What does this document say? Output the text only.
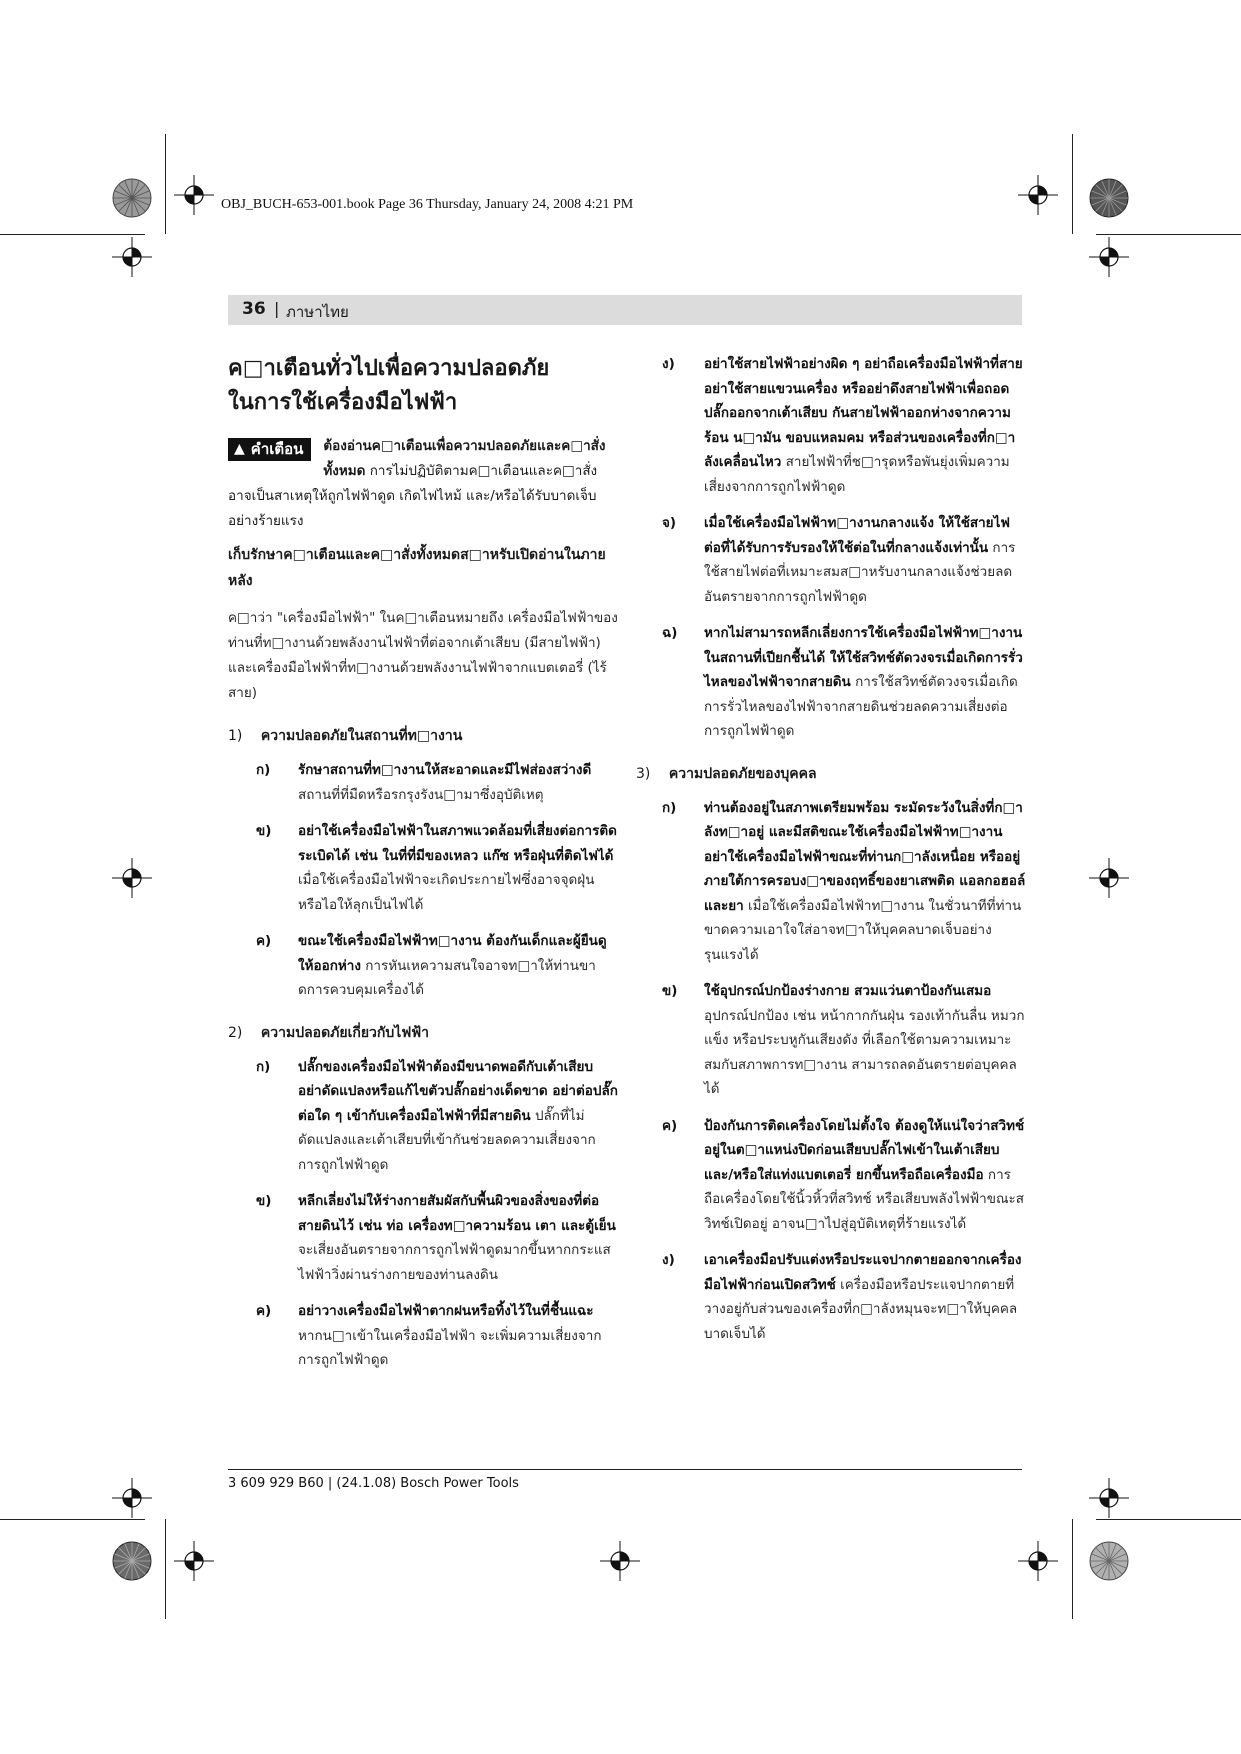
OBJ_BUCH-653-001.book Page 36 Thursday, January 24, 2008 4:21 PM
36 | ภาษาไทย
ค□าเตือนทั่วไปเพื่อความปลอดภัย
ในการใช้เครื่องมือไฟฟ้า
▲ คำเตือน ต้องอ่านค□าเตือนเพื่อความปลอดภัยและค□าสั่งทั้งหมด การไม่ปฏิบัติตามค□าเตือนและค□าสั่งอาจเป็นสาเหตุให้ถูกไฟฟ้าดูด เกิดไฟไหม้ และ/หรือได้รับบาดเจ็บอย่างร้ายแรง
เก็บรักษาค□าเตือนและค□าสั่งทั้งหมดส□าหรับเปิดอ่านในภายหลัง
ค□าว่า "เครื่องมือไฟฟ้า" ในค□าเตือนหมายถึง เครื่องมือไฟฟ้าของท่านที่ท□างานด้วยพลังงานไฟฟ้าที่ต่อจากเต้าเสียบ (มีสายไฟฟ้า) และเครื่องมือไฟฟ้าที่ท□างานด้วยพลังงานไฟฟ้าจากแบตเตอรี่ (ไร้สาย)
1) ความปลอดภัยในสถานที่ท□างาน
ก) รักษาสถานที่ท□างานให้สะอาดและมีไฟส่องสว่างดี สถานที่ที่มืดหรือรกรุงรังน□ามาซึ่งอุบัติเหตุ
ข) อย่าใช้เครื่องมือไฟฟ้าในสภาพแวดล้อมที่เสี่ยงต่อการติดระเบิดได้ เช่น ในที่ที่มีของเหลว แก๊ซ หรือฝุ่นที่ติดไฟได้ เมื่อใช้เครื่องมือไฟฟ้าจะเกิดประกายไฟซึ่งอาจจุดฝุ่นหรือไอให้ลุกเป็นไฟได้
ค) ขณะใช้เครื่องมือไฟฟ้าท□างาน ต้องกันเด็กและผู้ยืนดูให้ออกห่าง การหันเหความสนใจอาจท□าให้ท่านขาดการควบคุมเครื่องได้
2) ความปลอดภัยเกี่ยวกับไฟฟ้า
ก) ปลั๊กของเครื่องมือไฟฟ้าต้องมีขนาดพอดีกับเต้าเสียบ อย่าดัดแปลงหรือแก้ไขตัวปลั๊กอย่างเด็ดขาด อย่าต่อปลั๊กต่อใด ๆ เข้ากับเครื่องมือไฟฟ้าที่มีสายดิน ปลั๊กที่ไม่ดัดแปลงและเต้าเสียบที่เข้ากันช่วยลดความเสี่ยงจากการถูกไฟฟ้าดูด
ข) หลีกเลี่ยงไม่ให้ร่างกายสัมผัสกับพื้นผิวของสิ่งของที่ต่อสายดินไว้ เช่น ท่อ เครื่องท□าความร้อน เตา และตู้เย็น จะเสี่ยงอันตรายจากการถูกไฟฟ้าดูดมากขึ้นหากกระแสไฟฟ้าวิ่งผ่านร่างกายของท่านลงดิน
ค) อย่าวางเครื่องมือไฟฟ้าตากฝนหรือทิ้งไว้ในที่ชื้นแฉะ หากน□าเข้าในเครื่องมือไฟฟ้า จะเพิ่มความเสี่ยงจากการถูกไฟฟ้าดูด
ง) อย่าใช้สายไฟฟ้าอย่างผิด ๆ อย่าถือเครื่องมือไฟฟ้าที่สาย อย่าใช้สายแขวนเครื่อง หรืออย่าดึงสายไฟฟ้าเพื่อถอดปลั๊กออกจากเต้าเสียบ กันสายไฟฟ้าออกห่างจากความร้อน น□ามัน ขอบแหลมคม หรือส่วนของเครื่องที่ก□าลังเคลื่อนไหว สายไฟฟ้าที่ช□ารุดหรือพันยุ่งเพิ่มความเสี่ยงจากการถูกไฟฟ้าดูด
จ) เมื่อใช้เครื่องมือไฟฟ้าท□างานกลางแจ้ง ให้ใช้สายไฟต่อที่ได้รับการรับรองให้ใช้ต่อในที่กลางแจ้งเท่านั้น การใช้สายไฟต่อที่เหมาะสมส□าหรับงานกลางแจ้งช่วยลดอันตรายจากการถูกไฟฟ้าดูด
ฉ) หากไม่สามารถหลีกเลี่ยงการใช้เครื่องมือไฟฟ้าท□างานในสถานที่เปียกชื้นได้ ให้ใช้สวิทช์ตัดวงจรเมื่อเกิดการรั่วไหลของไฟฟ้าจากสายดิน การใช้สวิทช์ตัดวงจรเมื่อเกิดการรั่วไหลของไฟฟ้าจากสายดินช่วยลดความเสี่ยงต่อการถูกไฟฟ้าดูด
3) ความปลอดภัยของบุคคล
ก) ท่านต้องอยู่ในสภาพเตรียมพร้อม ระมัดระวังในสิ่งที่ก□าลังท□าอยู่ และมีสติขณะใช้เครื่องมือไฟฟ้าท□างาน อย่าใช้เครื่องมือไฟฟ้าขณะที่ท่านก□าลังเหนื่อย หรืออยู่ ภายใต้การครอบง□าของฤทธิ์ของยาเสพติด แอลกอฮอล์ และยา เมื่อใช้เครื่องมือไฟฟ้าท□างาน ในชั่วนาทีที่ท่านขาดความเอาใจใส่อาจท□าให้บุคคลบาดเจ็บอย่างรุนแรงได้
ข) ใช้อุปกรณ์ปกป้องร่างกาย สวมแว่นตาป้องกันเสมอ อุปกรณ์ปกป้อง เช่น หน้ากากกันฝุ่น รองเท้ากันลื่น หมวกแข็ง หรือประบหูกันเสียงดัง ที่เลือกใช้ตามความเหมาะสมกับสภาพการท□างาน สามารถลดอันตรายต่อบุคคลได้
ค) ป้องกันการติดเครื่องโดยไม่ตั้งใจ ต้องดูให้แน่ใจว่าสวิทช์อยู่ในต□าแหน่งปิดก่อนเสียบปลั๊กไฟเข้าในเต้าเสียบ และ/หรือใส่แท่งแบตเตอรี่ ยกขึ้นหรือถือเครื่องมือ การถือเครื่องโดยใช้นิ้วหิ้วที่สวิทช์ หรือเสียบพลังไฟฟ้าขณะสวิทช์เปิดอยู่ อาจน□าไปสู่อุบัติเหตุที่ร้ายแรงได้
ง) เอาเครื่องมือปรับแต่งหรือประแจปากตายออกจากเครื่องมือไฟฟ้าก่อนเปิดสวิทช์ เครื่องมือหรือประแจปากตายที่วางอยู่กับส่วนของเครื่องที่ก□าลังหมุนจะท□าให้บุคคลบาดเจ็บได้
3 609 929 B60 | (24.1.08) Bosch Power Tools
